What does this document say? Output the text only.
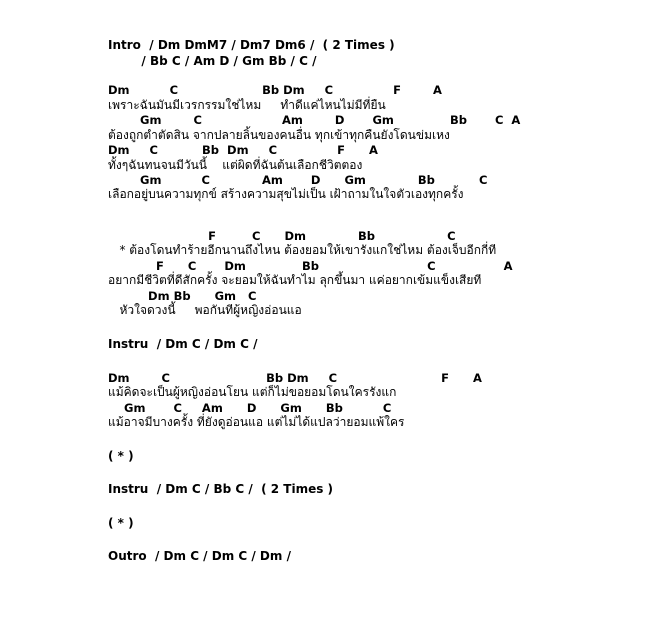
Intro  / Dm DmM7 / Dm7 Dm6 /  ( 2 Times )
/ Bb C / Am D / Gm Bb / C /
Dm          C                     Bb Dm     C               F        A
เพราะฉันมันมีเวรกรรมใช่ไหม     ทำดีแค่ไหนไม่มีที่ยืน
Gm        C                    Am        D       Gm              Bb       C  A
ต้องถูกตำตัดสิน จากปลายลิ้นของคนอื่น ทุกเข้าทุกคืนยังโดนข่มเหง
Dm     C           Bb  Dm     C               F      A
ทั้งๆฉันทนจนมีวันนี้    แต่ผิดที่ฉันต้นเลือกชีวิตตอง
Gm          C             Am       D      Gm             Bb           C
เลือกอยู่บนความทุกข์ สร้างความสุขไม่เป็น เฝ้าถามในใจตัวเองทุกครั้ง
F         C      Dm             Bb                  C
* ต้องโดนทำร้ายอีกนานถึงไหน ต้องยอมให้เขารังแกใช่ไหม ต้องเจ็บอีกกี่ที
F      C       Dm              Bb                           C                 A
อยากมีชีวิตที่ดีสักครั้ง จะยอมให้ฉันทำไม ลุกขึ้นมา แค่อยากเข้มแข็งเสียที
Dm Bb      Gm   C
หัวใจดวงนี้     พอกันทีผู้หญิงอ่อนแอ
Instru  / Dm C / Dm C /
Dm        C                        Bb Dm     C                          F      A
แม้คิดจะเป็นผู้หญิงอ่อนโยน แต่ก็ไม่ขอยอมโดนใครรังแก
Gm       C     Am      D      Gm      Bb          C
แม้อาจมีบางครั้ง ที่ยังดูอ่อนแอ แต่ไม่ได้แปลว่ายอมแพ้ใคร
( * )
Instru  / Dm C / Bb C /  ( 2 Times )
( * )
Outro  / Dm C / Dm C / Dm /
